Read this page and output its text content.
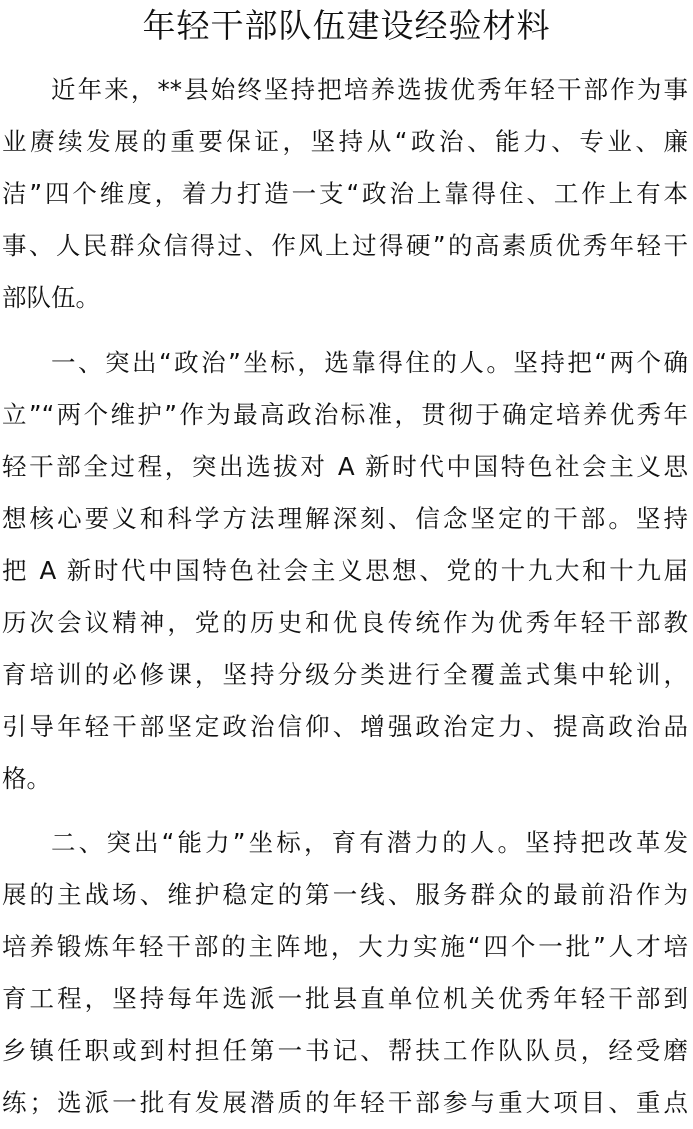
年轻干部队伍建设经验材料
近年来，**县始终坚持把培养选拔优秀年轻干部作为事
业赓续发展的重要保证，坚持从“政治、能力、专业、廉
洁”四个维度，着力打造一支“政治上靠得住、工作上有本
事、人民群众信得过、作风上过得硬”的高素质优秀年轻干
部队伍。
一、突出“政治”坐标，选靠得住的人。坚持把“两个确
立”“两个维护”作为最高政治标准，贯彻于确定培养优秀年
轻干部全过程，突出选拔对 A 新时代中国特色社会主义思
想核心要义和科学方法理解深刻、信念坚定的干部。坚持
把 A 新时代中国特色社会主义思想、党的十九大和十九届
历次会议精神，党的历史和优良传统作为优秀年轻干部教
育培训的必修课，坚持分级分类进行全覆盖式集中轮训，
引导年轻干部坚定政治信仰、增强政治定力、提高政治品
格。
二、突出“能力”坐标，育有潜力的人。坚持把改革发
展的主战场、维护稳定的第一线、服务群众的最前沿作为
培养锻炼年轻干部的主阵地，大力实施“四个一批”人才培
育工程，坚持每年选派一批县直单位机关优秀年轻干部到
乡镇任职或到村担任第一书记、帮扶工作队队员，经受磨
练；选派一批有发展潜质的年轻干部参与重大项目、重点
